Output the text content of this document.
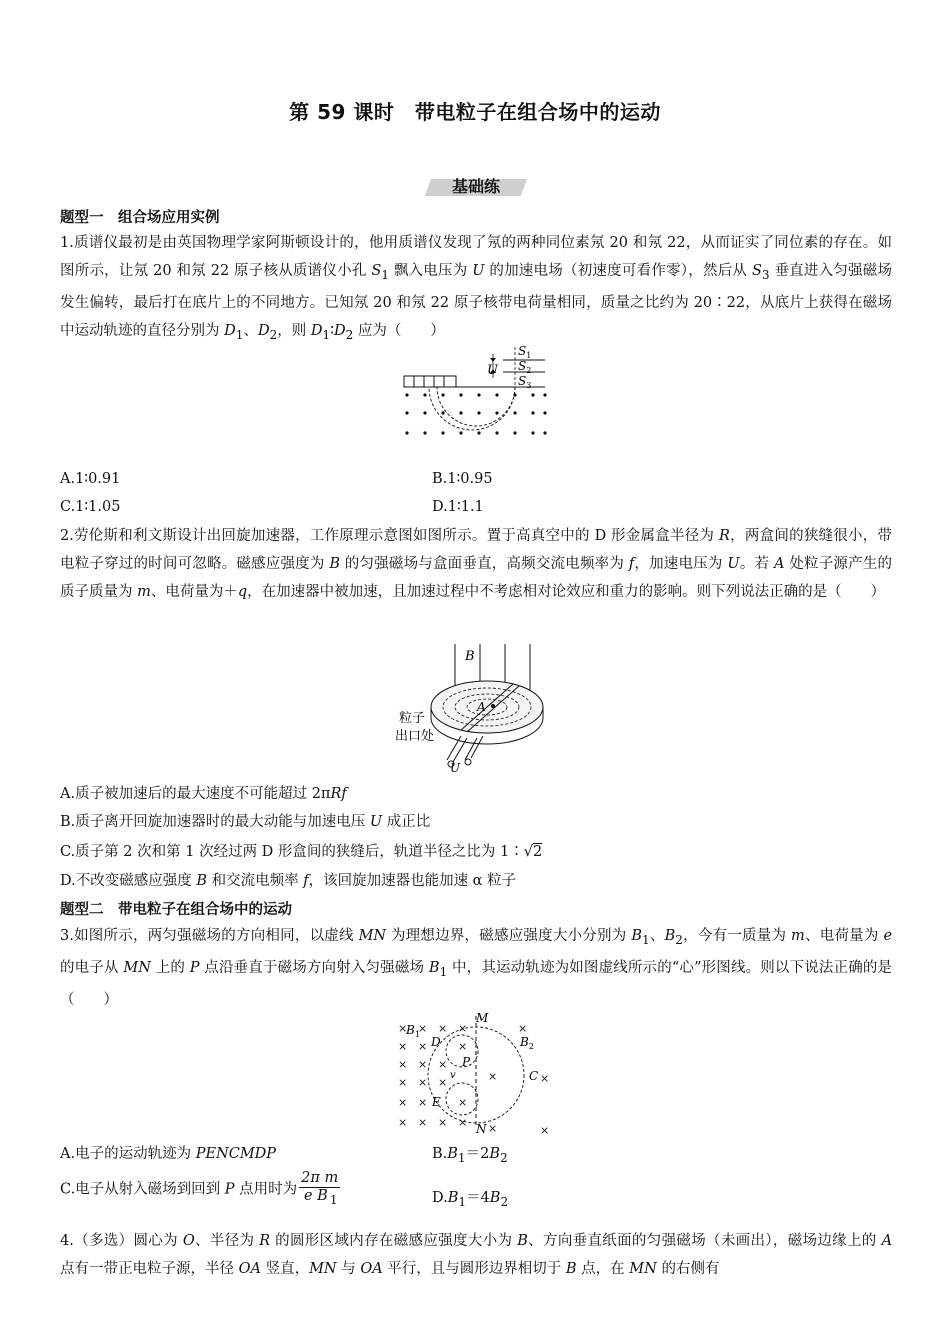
第 59 课时　带电粒子在组合场中的运动
基础练
题型一　组合场应用实例
1.质谱仪最初是由英国物理学家阿斯顿设计的，他用质谱仪发现了氖的两种同位素氖 20 和氖 22，从而证实了同位素的存在。如图所示，让氖 20 和氖 22 原子核从质谱仪小孔 $S_1$ 飘入电压为 U 的加速电场（初速度可看作零），然后从 $S_3$ 垂直进入匀强磁场发生偏转，最后打在底片上的不同地方。已知氖 20 和氖 22 原子核带电荷量相同，质量之比约为 20∶22，从底片上获得在磁场中运动轨迹的直径分别为 $D_1$、$D_2$，则 $D_1∶D_2$ 应为（　　）
U
$S_1$
$S_2$
$S_3$
A.1∶0.91	B.1∶0.95
C.1∶1.05	D.1∶1.1
2.劳伦斯和利文斯设计出回旋加速器，工作原理示意图如图所示。置于高真空中的 D 形金属盒半径为 R，两盒间的狭缝很小，带电粒子穿过的时间可忽略。磁感应强度为 B 的匀强磁场与盒面垂直，高频交流电频率为 f，加速电压为 U。若 A 处粒子源产生的质子质量为 m、电荷量为＋q，在加速器中被加速，且加速过程中不考虑相对论效应和重力的影响。则下列说法正确的是（　　）
B
A
U
粒子
出口处
A.质子被加速后的最大速度不可能超过 2πRf
B.质子离开回旋加速器时的最大动能与加速电压 U 成正比
C.质子第 2 次和第 1 次经过两 D 形盒间的狭缝后，轨道半径之比为 1∶√2
D.不改变磁感应强度 B 和交流电频率 f，该回旋加速器也能加速 α 粒子
题型二　带电粒子在组合场中的运动
3.如图所示，两匀强磁场的方向相同，以虚线 MN 为理想边界，磁感应强度大小分别为 $B_1$、$B_2$，今有一质量为 m、电荷量为 e 的电子从 MN 上的 P 点沿垂直于磁场方向射入匀强磁场 $B_1$ 中，其运动轨迹为如图虚线所示的“心”形图线。则以下说法正确的是（　　）
× × × ×
× ×	×
× × ×
× × ×
× ×	×
× × × ×
×
×	×
×
×
M
N
P
C
D
E
v
$B_1$
$B_2$
A.电子的运动轨迹为 PENCMDP	$B.B_1=2B_2$
C.电子从射入磁场到回到 P 点用时为 $\frac{\text{2π m}}{e B _1}$	$D.B_1=4B_2$
4.（多选）圆心为 O、半径为 R 的圆形区域内存在磁感应强度大小为 B、方向垂直纸面的匀强磁场（未画出），磁场边缘上的 A 点有一带正电粒子源，半径 OA 竖直，MN 与 OA 平行，且与圆形边界相切于 B 点，在 MN 的右侧有
